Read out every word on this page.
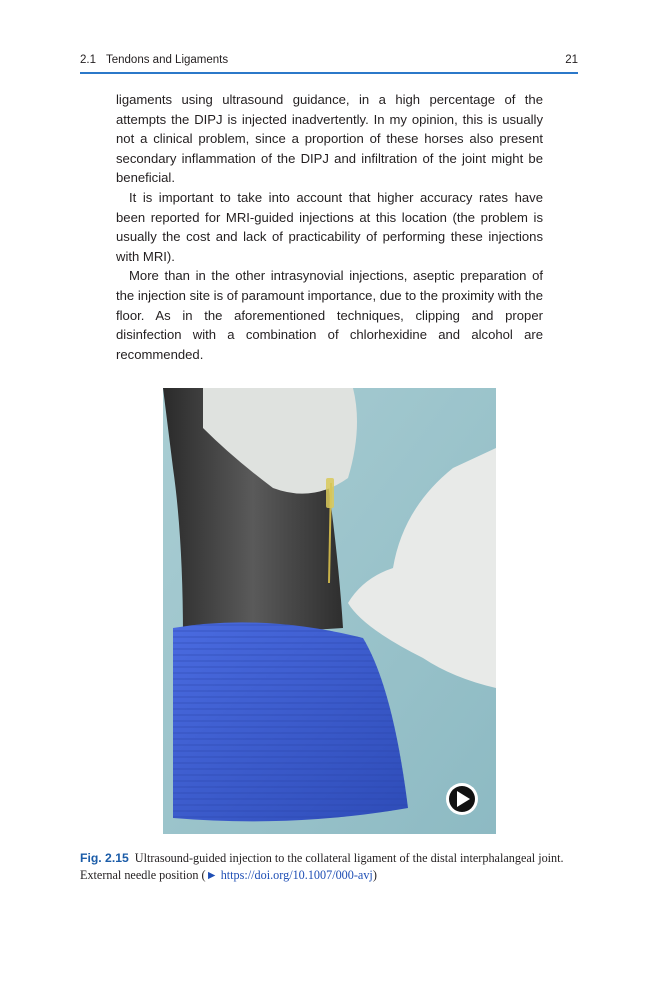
2.1 Tendons and Ligaments	21

ligaments using ultrasound guidance, in a high percentage of the attempts the DIPJ is injected inadvertently. In my opinion, this is usually not a clinical problem, since a proportion of these horses also present secondary inflammation of the DIPJ and infiltration of the joint might be beneficial.

It is important to take into account that higher accuracy rates have been reported for MRI-guided injections at this location (the problem is usually the cost and lack of practicability of performing these injections with MRI).

More than in the other intrasynovial injections, aseptic preparation of the injection site is of paramount importance, due to the proximity with the floor. As in the aforementioned techniques, clipping and proper disinfection with a combination of chlorhexidine and alcohol are recommended.

Fig. 2.15 Ultrasound-guided injection to the collateral ligament of the distal interphalangeal joint. External needle position (► https://doi.org/10.1007/000-avj)
